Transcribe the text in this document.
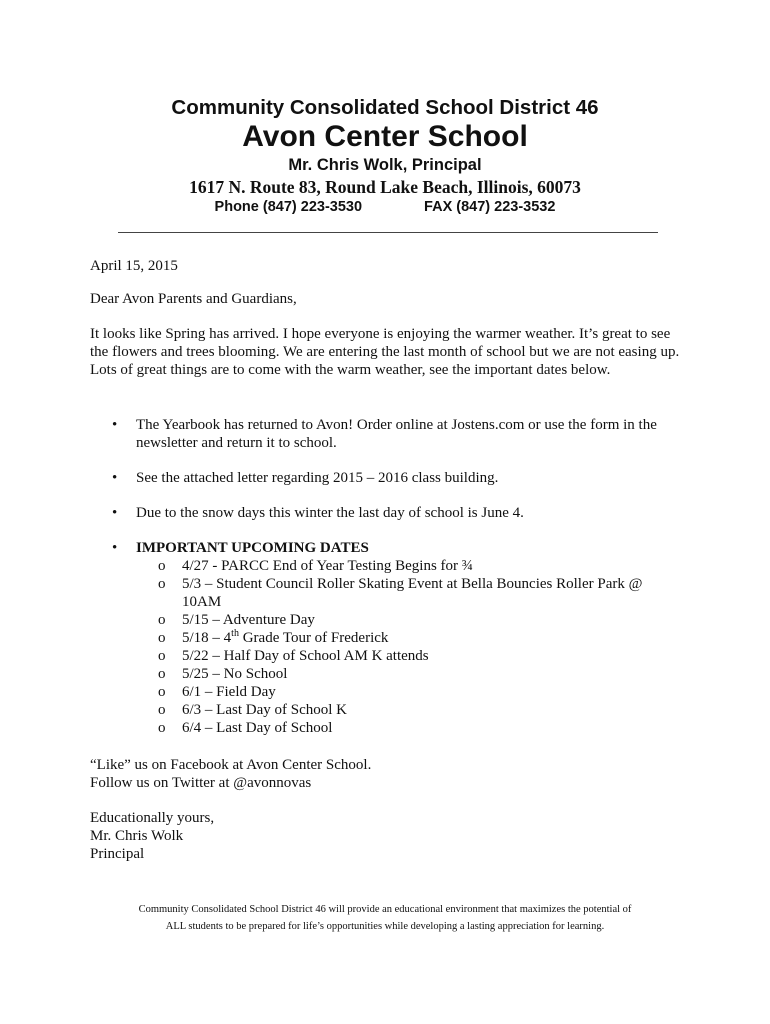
Community Consolidated School District 46
Avon Center School
Mr. Chris Wolk, Principal
1617 N. Route 83, Round Lake Beach, Illinois, 60073
Phone (847) 223-3530	FAX (847) 223-3532
April 15, 2015
Dear Avon Parents and Guardians,
It looks like Spring has arrived. I hope everyone is enjoying the warmer weather. It’s great to see the flowers and trees blooming. We are entering the last month of school but we are not easing up. Lots of great things are to come with the warm weather, see the important dates below.
• The Yearbook has returned to Avon! Order online at Jostens.com or use the form in the newsletter and return it to school.
• See the attached letter regarding 2015 – 2016 class building.
• Due to the snow days this winter the last day of school is June 4.
• IMPORTANT UPCOMING DATES
o 4/27 - PARCC End of Year Testing Begins for ¾
o 5/3 – Student Council Roller Skating Event at Bella Bouncies Roller Park @ 10AM
o 5/15 – Adventure Day
o 5/18 – 4th Grade Tour of Frederick
o 5/22 – Half Day of School AM K attends
o 5/25 – No School
o 6/1 – Field Day
o 6/3 – Last Day of School K
o 6/4 – Last Day of School
“Like” us on Facebook at Avon Center School.
Follow us on Twitter at @avonnovas
Educationally yours,
Mr. Chris Wolk
Principal
Community Consolidated School District 46 will provide an educational environment that maximizes the potential of
ALL students to be prepared for life’s opportunities while developing a lasting appreciation for learning.
